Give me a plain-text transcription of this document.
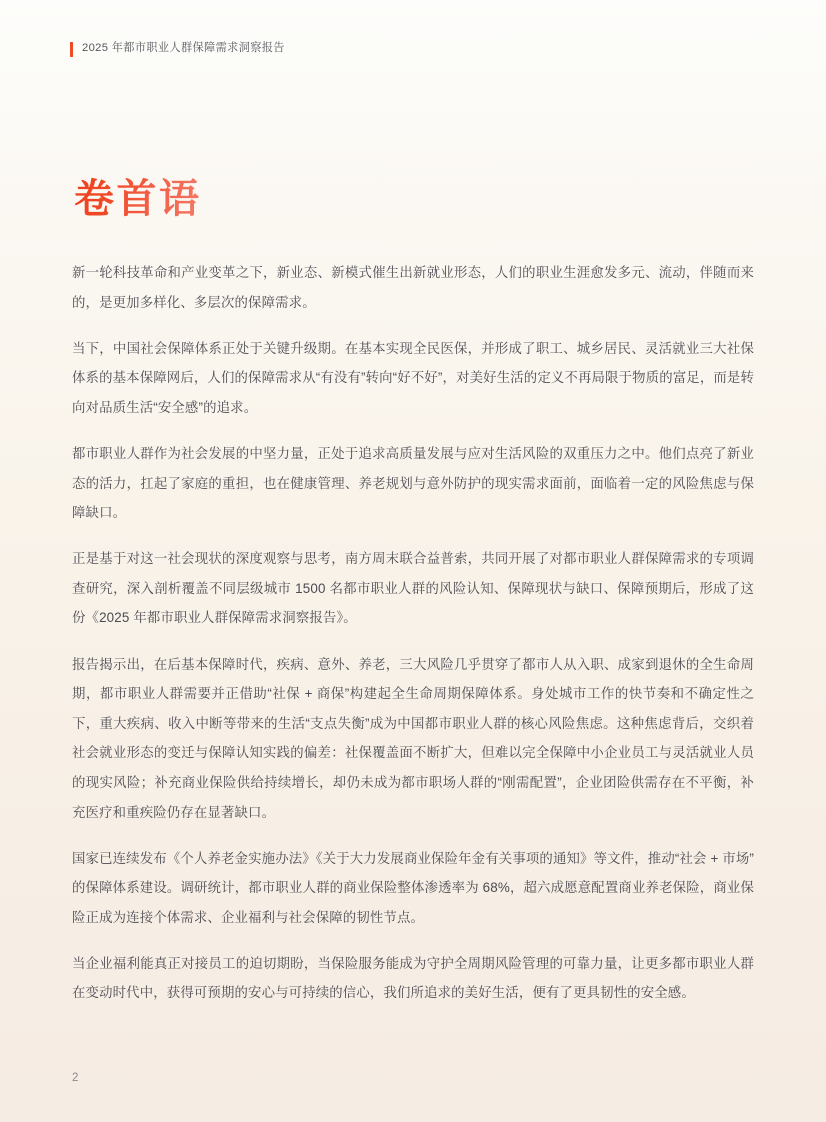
2025 年都市职业人群保障需求洞察报告
卷首语

新一轮科技革命和产业变革之下，新业态、新模式催生出新就业形态，人们的职业生涯愈发多元、流动，伴随而来的，是更加多样化、多层次的保障需求。

当下，中国社会保障体系正处于关键升级期。在基本实现全民医保，并形成了职工、城乡居民、灵活就业三大社保体系的基本保障网后，人们的保障需求从“有没有”转向“好不好”，对美好生活的定义不再局限于物质的富足，而是转向对品质生活“安全感”的追求。

都市职业人群作为社会发展的中坚力量，正处于追求高质量发展与应对生活风险的双重压力之中。他们点亮了新业态的活力，扛起了家庭的重担，也在健康管理、养老规划与意外防护的现实需求面前，面临着一定的风险焦虑与保障缺口。

正是基于对这一社会现状的深度观察与思考，南方周末联合益普索，共同开展了对都市职业人群保障需求的专项调查研究，深入剖析覆盖不同层级城市 1500 名都市职业人群的风险认知、保障现状与缺口、保障预期后，形成了这份《2025 年都市职业人群保障需求洞察报告》。

报告揭示出，在后基本保障时代，疾病、意外、养老，三大风险几乎贯穿了都市人从入职、成家到退休的全生命周期，都市职业人群需要并正借助“社保 + 商保”构建起全生命周期保障体系。身处城市工作的快节奏和不确定性之下，重大疾病、收入中断等带来的生活“支点失衡”成为中国都市职业人群的核心风险焦虑。这种焦虑背后，交织着社会就业形态的变迁与保障认知实践的偏差：社保覆盖面不断扩大，但难以完全保障中小企业员工与灵活就业人员的现实风险；补充商业保险供给持续增长，却仍未成为都市职场人群的“刚需配置”，企业团险供需存在不平衡，补充医疗和重疾险仍存在显著缺口。

国家已连续发布《个人养老金实施办法》《关于大力发展商业保险年金有关事项的通知》等文件，推动“社会 + 市场”的保障体系建设。调研统计，都市职业人群的商业保险整体渗透率为 68%，超六成愿意配置商业养老保险，商业保险正成为连接个体需求、企业福利与社会保障的韧性节点。

当企业福利能真正对接员工的迫切期盼，当保险服务能成为守护全周期风险管理的可靠力量，让更多都市职业人群在变动时代中，获得可预期的安心与可持续的信心，我们所追求的美好生活，便有了更具韧性的安全感。

2
